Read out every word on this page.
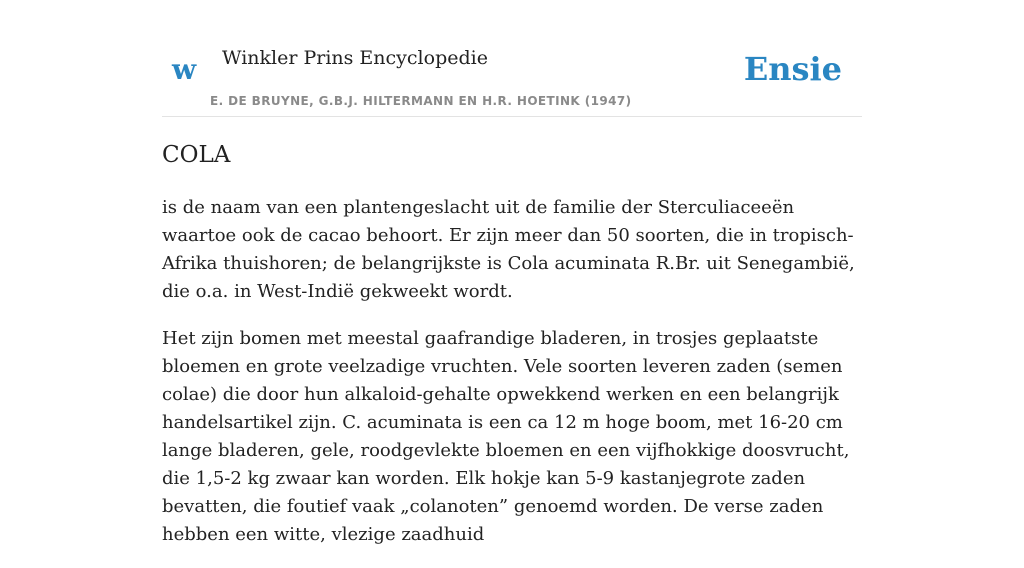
w Winkler Prins Encyclopedie
E. DE BRUYNE, G.B.J. HILTERMANN EN H.R. HOETINK (1947)
Ensie
COLA

is de naam van een plantengeslacht uit de familie der Sterculiaceeën waartoe ook de cacao behoort. Er zijn meer dan 50 soorten, die in tropisch-Afrika thuishoren; de belangrijkste is Cola acuminata R.Br. uit Senegambië, die o.a. in West-Indië gekweekt wordt.

Het zijn bomen met meestal gaafrandige bladeren, in trosjes geplaatste bloemen en grote veelzadige vruchten. Vele soorten leveren zaden (semen colae) die door hun alkaloid-gehalte opwekkend werken en een belangrijk handelsartikel zijn. C. acuminata is een ca 12 m hoge boom, met 16-20 cm lange bladeren, gele, roodgevlekte bloemen en een vijfhokkige doosvrucht, die 1,5-2 kg zwaar kan worden. Elk hokje kan 5-9 kastanjegrote zaden bevatten, die foutief vaak „colanoten” genoemd worden. De verse zaden hebben een witte, vlezige zaadhuid
